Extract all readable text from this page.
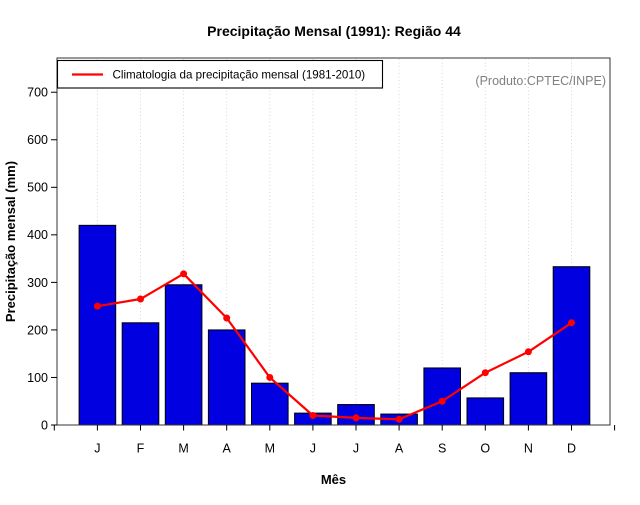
Precipitação Mensal (1991): Região 44
0
100
200
300
400
500
600
700
J	F	M	A	M	J	J	A	S	O	N	D
Precipitação mensal (mm)
Mês
(Produto:CPTEC/INPE)
Climatologia da precipitação mensal (1981-2010)
